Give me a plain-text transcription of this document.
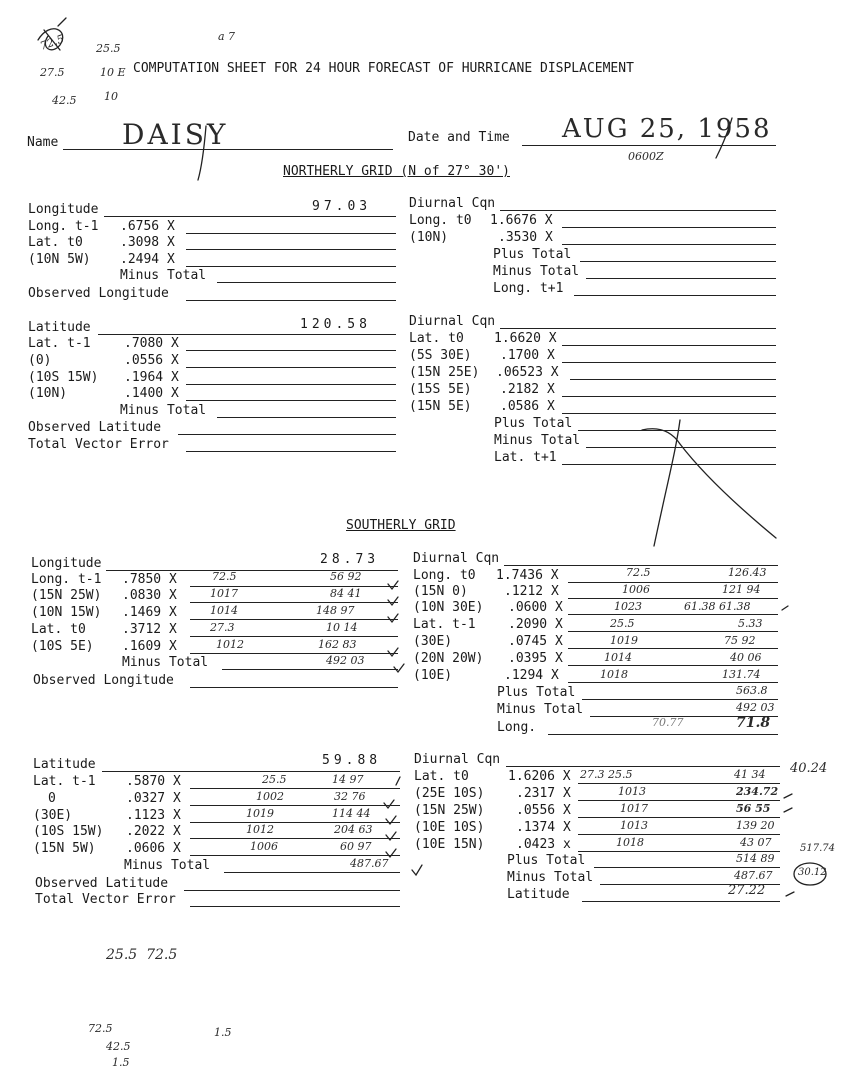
COMPUTATION SHEET FOR 24 HOUR FORECAST OF HURRICANE DISPLACEMENT
Name DAISY	Date and Time AUG 25, 1958
0600Z
NORTHERLY GRID (N of 27° 30')
Longitude	97.03
Long. t-1 .6756 X
Lat. t0	.3098 X
(10N 5W) .2494 X
Minus Total
Observed Longitude
Diurnal Cqn
Long. t0 1.6676 X
(10N)	.3530 X
Plus Total
Minus Total
Long. t+1
Latitude	120.58
Lat. t-1	.7080 X
(0)	.0556 X
(10S 15W) .1964 X
(10N)	.1400 X
Minus Total
Observed Latitude
Total Vector Error
Diurnal Cqn
Lat. t0 1.6620 X
(5S 30E) .1700 X
(15N 25E) .06523 X
(15S 5E) .2182 X
(15N 5E) .0586 X
Plus Total
Minus Total
Lat. t+1
SOUTHERLY GRID
Longitude	28.73
Long. t-1 .7850 X	72.5	56 92
(15N 25W) .0830 X	1017	84 41
(10N 15W) .1469 X	1014	148 97
Lat. t0	.3712 X	27.3	10 14
(10S 5E) .1609 X	1012	162 83
Minus Total	492 03
Observed Longitude
Diurnal Cqn
Long. t0 1.7436 X	72.5	126.43
(15N 0)	.1212 X	1006	121 94
(10N 30E) .0600 X	1023	61.38 61.38
Lat. t-1 .2090 X	25.5	5.33
(30E)	.0745 X	1019	75 92
(20N 20W) .0395 X	1014	40 06
(10E)	.1294 X	1018	131.74
Plus Total	563.8
Minus Total	492 03
Long.	70.77	71.8
Latitude	59.88
Lat. t-1 .5870 X	25.5	14 97
0	.0327 X	1002	32 76
(30E)	.1123 X	1019	114 44
(10S 15W) .2022 X	1012	204 63
(15N 5W) .0606 X	1006	60 97
Minus Total	487.67
Observed Latitude
Total Vector Error
Diurnal Cqn
Lat. t0	1.6206 X 27.3 25.5	41 34
(25E 10S) .2317 X	1013	234.72
(15N 25W) .0556 X	1017	56 55
(10E 10S) .1374 X	1013	139 20
(10E 15N) .0423 x	1018	43 07
Plus Total	514 89
Minus Total	487.67
Latitude	27.22
72.5
27.5
25.5
42.5
10 E
10
a 7
40.24
517.74
30.12
25.5  72.5
72.5	1.5
42.5
1.5
